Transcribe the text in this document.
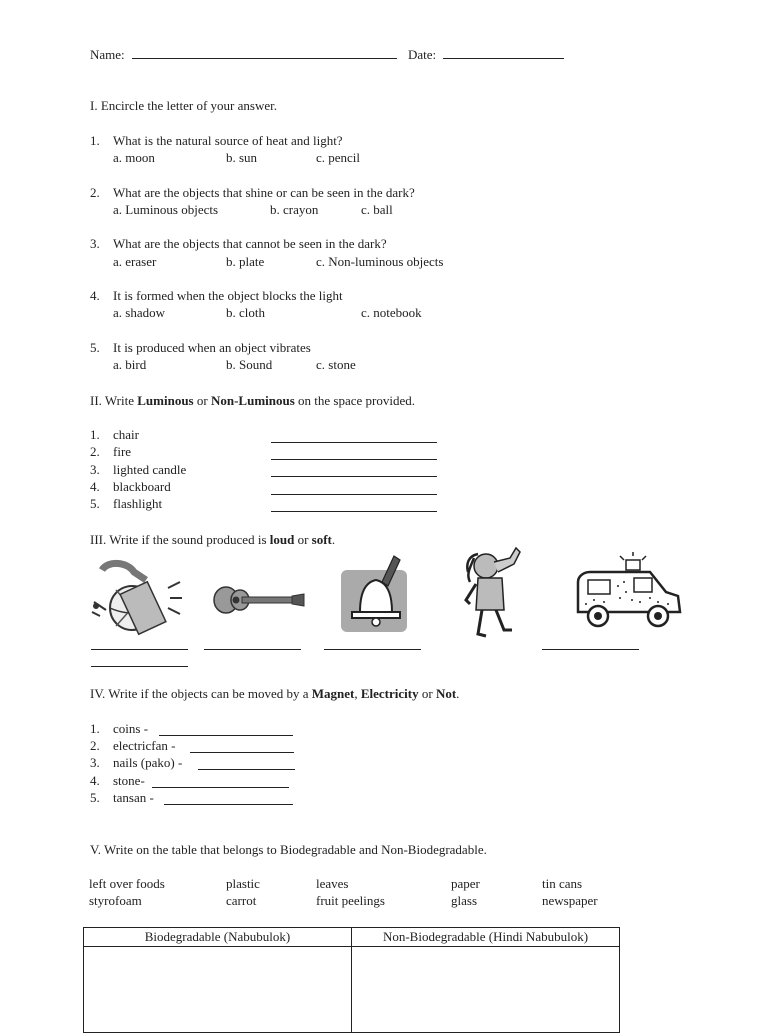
Name:	Date:
I. Encircle the letter of your answer.
1. What is the natural source of heat and light?
a. moon	b. sun	c. pencil
2. What are the objects that shine or can be seen in the dark?
a. Luminous objects	b. crayon	c. ball
3. What are the objects that cannot be seen in the dark?
a. eraser	b. plate	c. Non-luminous objects
4. It is formed when the object blocks the light
a. shadow	b. cloth	c. notebook
5. It is produced when an object vibrates
a. bird	b. Sound	c. stone
II. Write Luminous or Non-Luminous on the space provided.
1. chair
2. fire
3. lighted candle
4. blackboard
5. flashlight
III. Write if the sound produced is loud or soft.
IV. Write if the objects can be moved by a Magnet, Electricity or Not.
1. coins -
2. electricfan -
3. nails (pako) -
4. stone-
5. tansan -
V. Write on the table that belongs to Biodegradable and Non-Biodegradable.
left over foods	plastic	leaves	paper	tin cans
styrofoam	carrot	fruit peelings	glass	newspaper
Biodegradable (Nabubulok)	Non-Biodegradable (Hindi Nabubulok)
